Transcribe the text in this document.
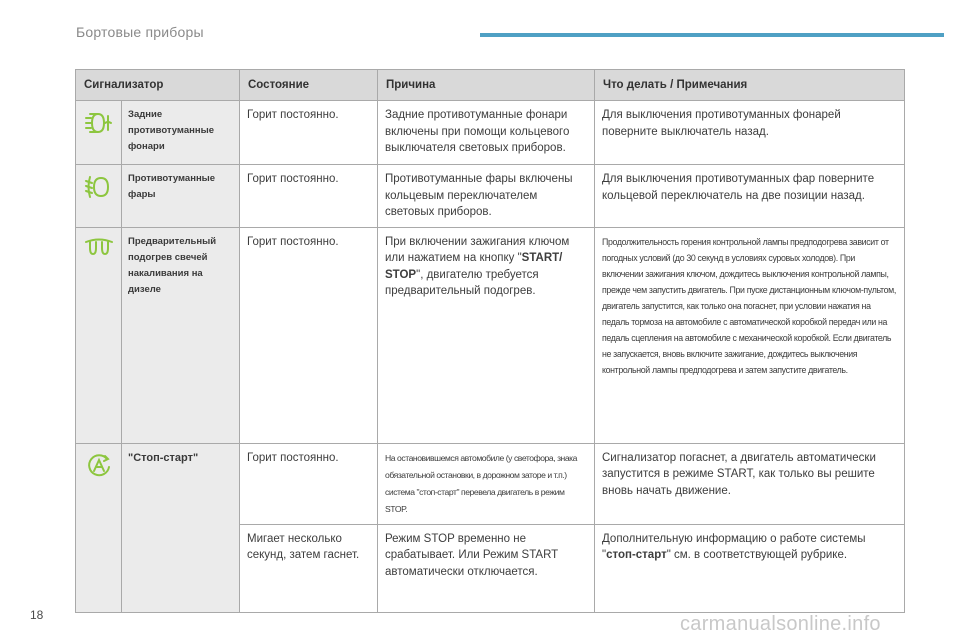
Бортовые приборы
Сигнализатор		Состояние	Причина	Что делать / Примечания

	Задние противотуманные фонари	Горит постоянно.	Задние противотуманные фонари включены при помощи кольцевого выключателя световых приборов.	Для выключения противотуманных фонарей поверните выключатель назад.

	Противотуманные фары	Горит постоянно.	Противотуманные фары включены кольцевым переключателем световых приборов.	Для выключения противотуманных фар поверните кольцевой переключатель на две позиции назад.

	Предварительный подогрев свечей накаливания на дизеле	Горит постоянно.	При включении зажигания ключом или нажатием на кнопку "START/ STOP", двигателю требуется предварительный подогрев.	Продолжительность горения контрольной лампы предподогрева зависит от погодных условий (до 30 секунд в условиях суровых холодов). При включении зажигания ключом, дождитесь выключения контрольной лампы, прежде чем запустить двигатель. При пуске дистанционным ключом-пультом, двигатель запустится, как только она погаснет, при условии нажатия на педаль тормоза на автомобиле с автоматической коробкой передач или на педаль сцепления на автомобиле с механической коробкой. Если двигатель не запускается, вновь включите зажигание, дождитесь выключения контрольной лампы предподогрева и затем запустите двигатель.

	"Стоп-старт"	Горит постоянно.	На остановившемся автомобиле (у светофора, знака обязательной остановки, в дорожном заторе и т.п.) система "стоп-старт" перевела двигатель в режим STOP.	Сигнализатор погаснет, а двигатель автоматически запустится в режиме START, как только вы решите вновь начать движение.
		Мигает несколько секунд, затем гаснет.	Режим STOP временно не срабатывает. Или Режим START автоматически отключается.	Дополнительную информацию о работе системы "стоп-старт" см. в соответствующей рубрике.
18	carmanualsonline.info
